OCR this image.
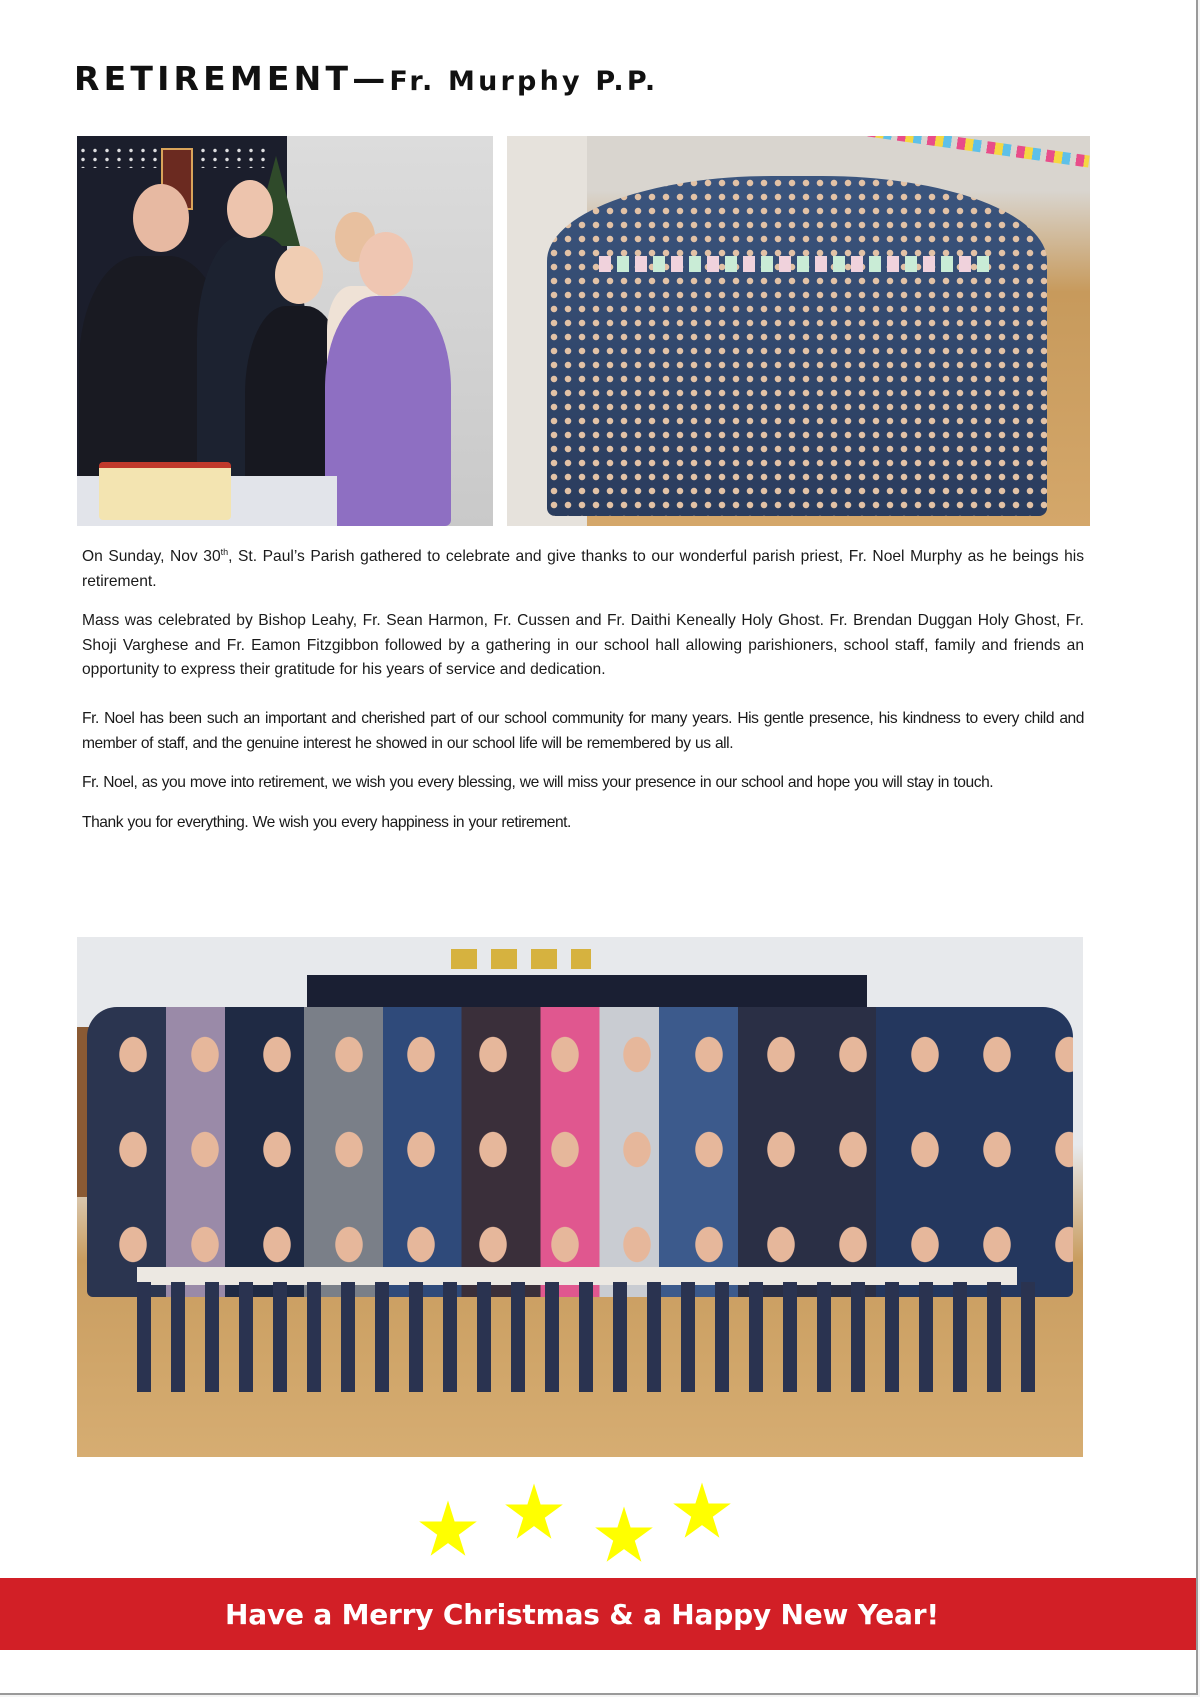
RETIREMENT—Fr. Murphy P.P.

On Sunday, Nov 30th, St. Paul’s Parish gathered to celebrate and give thanks to our wonderful parish priest, Fr. Noel Murphy as he beings his retirement.

Mass was celebrated by Bishop Leahy, Fr. Sean Harmon, Fr. Cussen and Fr. Daithi Keneally Holy Ghost. Fr. Brendan Duggan Holy Ghost, Fr. Shoji Varghese and Fr. Eamon Fitzgibbon followed by a gathering in our school hall allowing parishioners, school staff, family and friends an opportunity to express their gratitude for his years of service and dedication.

Fr. Noel has been such an important and cherished part of our school community for many years. His gentle presence, his kindness to every child and member of staff, and the genuine interest he showed in our school life will be remembered by us all.

Fr. Noel, as you move into retirement, we wish you every blessing, we will miss your presence in our school and hope you will stay in touch.

Thank you for everything. We wish you every happiness in your retirement.

Have a Merry Christmas & a Happy New Year!
